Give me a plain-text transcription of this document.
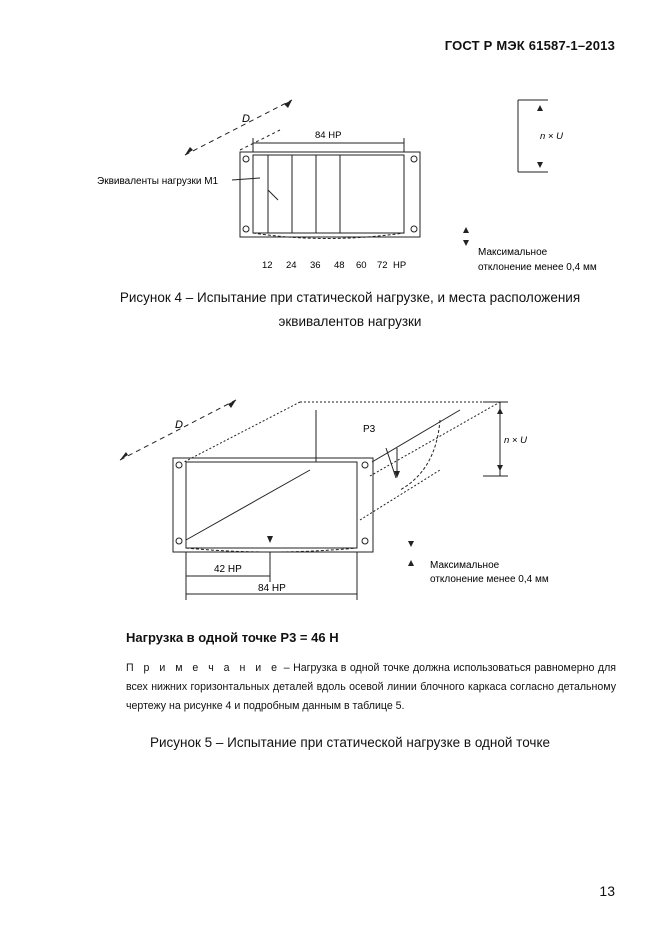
ГОСТ Р МЭК 61587-1–2013
D
84 HP
Эквиваленты нагрузки М1
n × U
Максимальное
отклонение менее 0,4 мм
12 24 36 48 60 72 HP
Рисунок 4 – Испытание при статической нагрузке, и места расположения
эквивалентов нагрузки
D	P3
n × U
Максимальное
отклонение менее 0,4 мм
42 HP
84 HP
Нагрузка в одной точке P3 = 46 Н
П р и м е ч а н и е – Нагрузка в одной точке должна использоваться равномерно для всех нижних горизонтальных деталей вдоль осевой линии блочного каркаса согласно детальному чертежу на рисунке 4 и подробным данным в таблице 5.
Рисунок 5 – Испытание при статической нагрузке в одной точке
13
